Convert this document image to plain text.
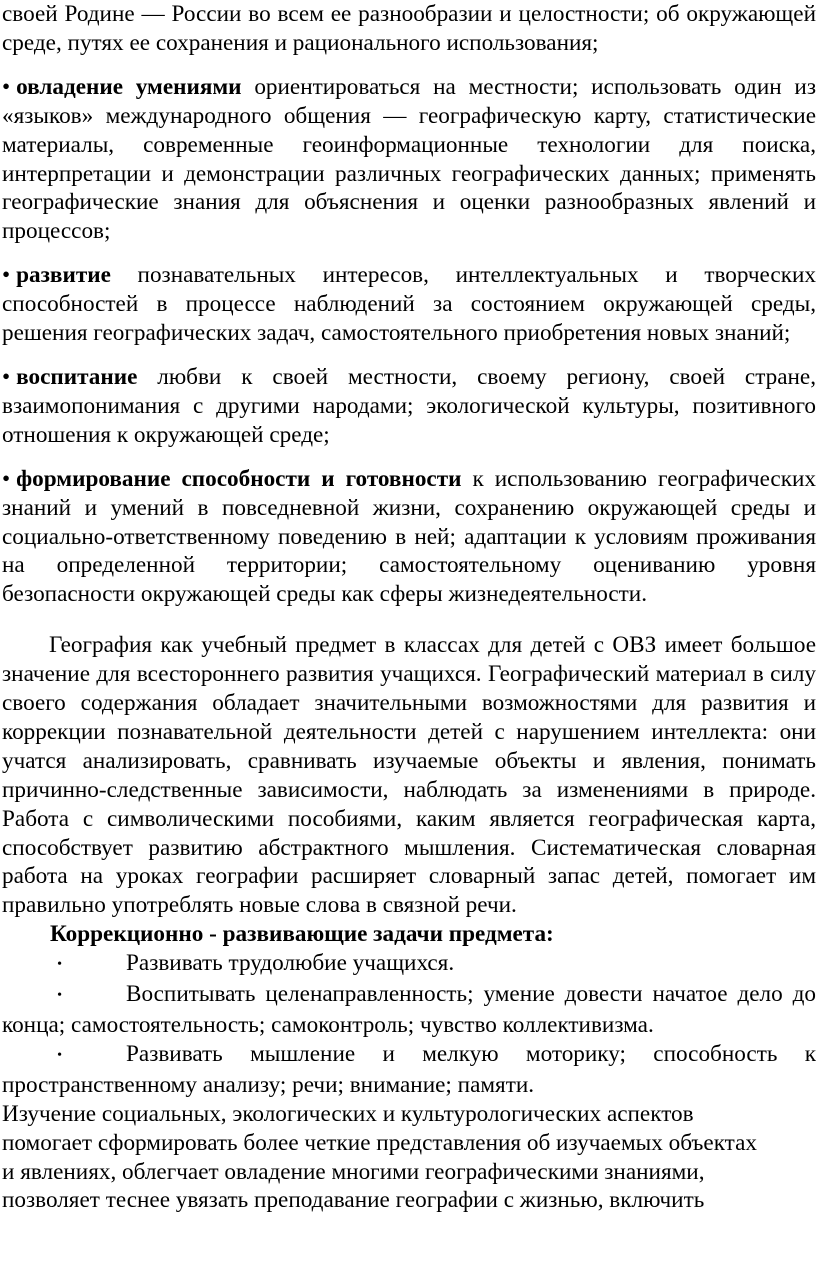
своей Родине — России во всем ее разнообразии и целостности; об окружающей среде, путях ее сохранения и рационального использования;

• овладение умениями ориентироваться на местности; использовать один из «языков» международного общения — географическую карту, статистические материалы, современные геоинформационные технологии для поиска, интерпретации и демонстрации различных географических данных; применять географические знания для объяснения и оценки разнообразных явлений и процессов;

• развитие познавательных интересов, интеллектуальных и творческих способностей в процессе наблюдений за состоянием окружающей среды, решения географических задач, самостоятельного приобретения новых знаний;

• воспитание любви к своей местности, своему региону, своей стране, взаимопонимания с другими народами; экологической культуры, позитивного отношения к окружающей среде;

• формирование способности и готовности к использованию географических знаний и умений в повседневной жизни, сохранению окружающей среды и социально-ответственному поведению в ней; адаптации к условиям проживания на определенной территории; самостоятельному оцениванию уровня безопасности окружающей среды как сферы жизнедеятельности.

География как учебный предмет в классах для детей с ОВЗ имеет большое значение для всестороннего развития учащихся. Географический материал в силу своего содержания обладает значительными возможностями для развития и коррекции познавательной деятельности детей с нарушением интеллекта: они учатся анализировать, сравнивать изучаемые объекты и явления, понимать причинно-следственные зависимости, наблюдать за изменениями в природе. Работа с символическими пособиями, каким является географическая карта, способствует развитию абстрактного мышления. Систематическая словарная работа на уроках географии расширяет словарный запас детей, помогает им правильно употреблять новые слова в связной речи.

Коррекционно - развивающие задачи предмета:

•	Развивать трудолюбие учащихся.

•	Воспитывать целенаправленность; умение довести начатое дело до конца; самостоятельность; самоконтроль; чувство коллективизма.

•	Развивать мышление и мелкую моторику; способность к пространственному анализу; речи; внимание; памяти.

Изучение социальных, экологических и культурологических аспектов
помогает сформировать более четкие представления об изучаемых объектах
и явлениях, облегчает овладение многими географическими знаниями,
позволяет теснее увязать преподавание географии с жизнью, включить
